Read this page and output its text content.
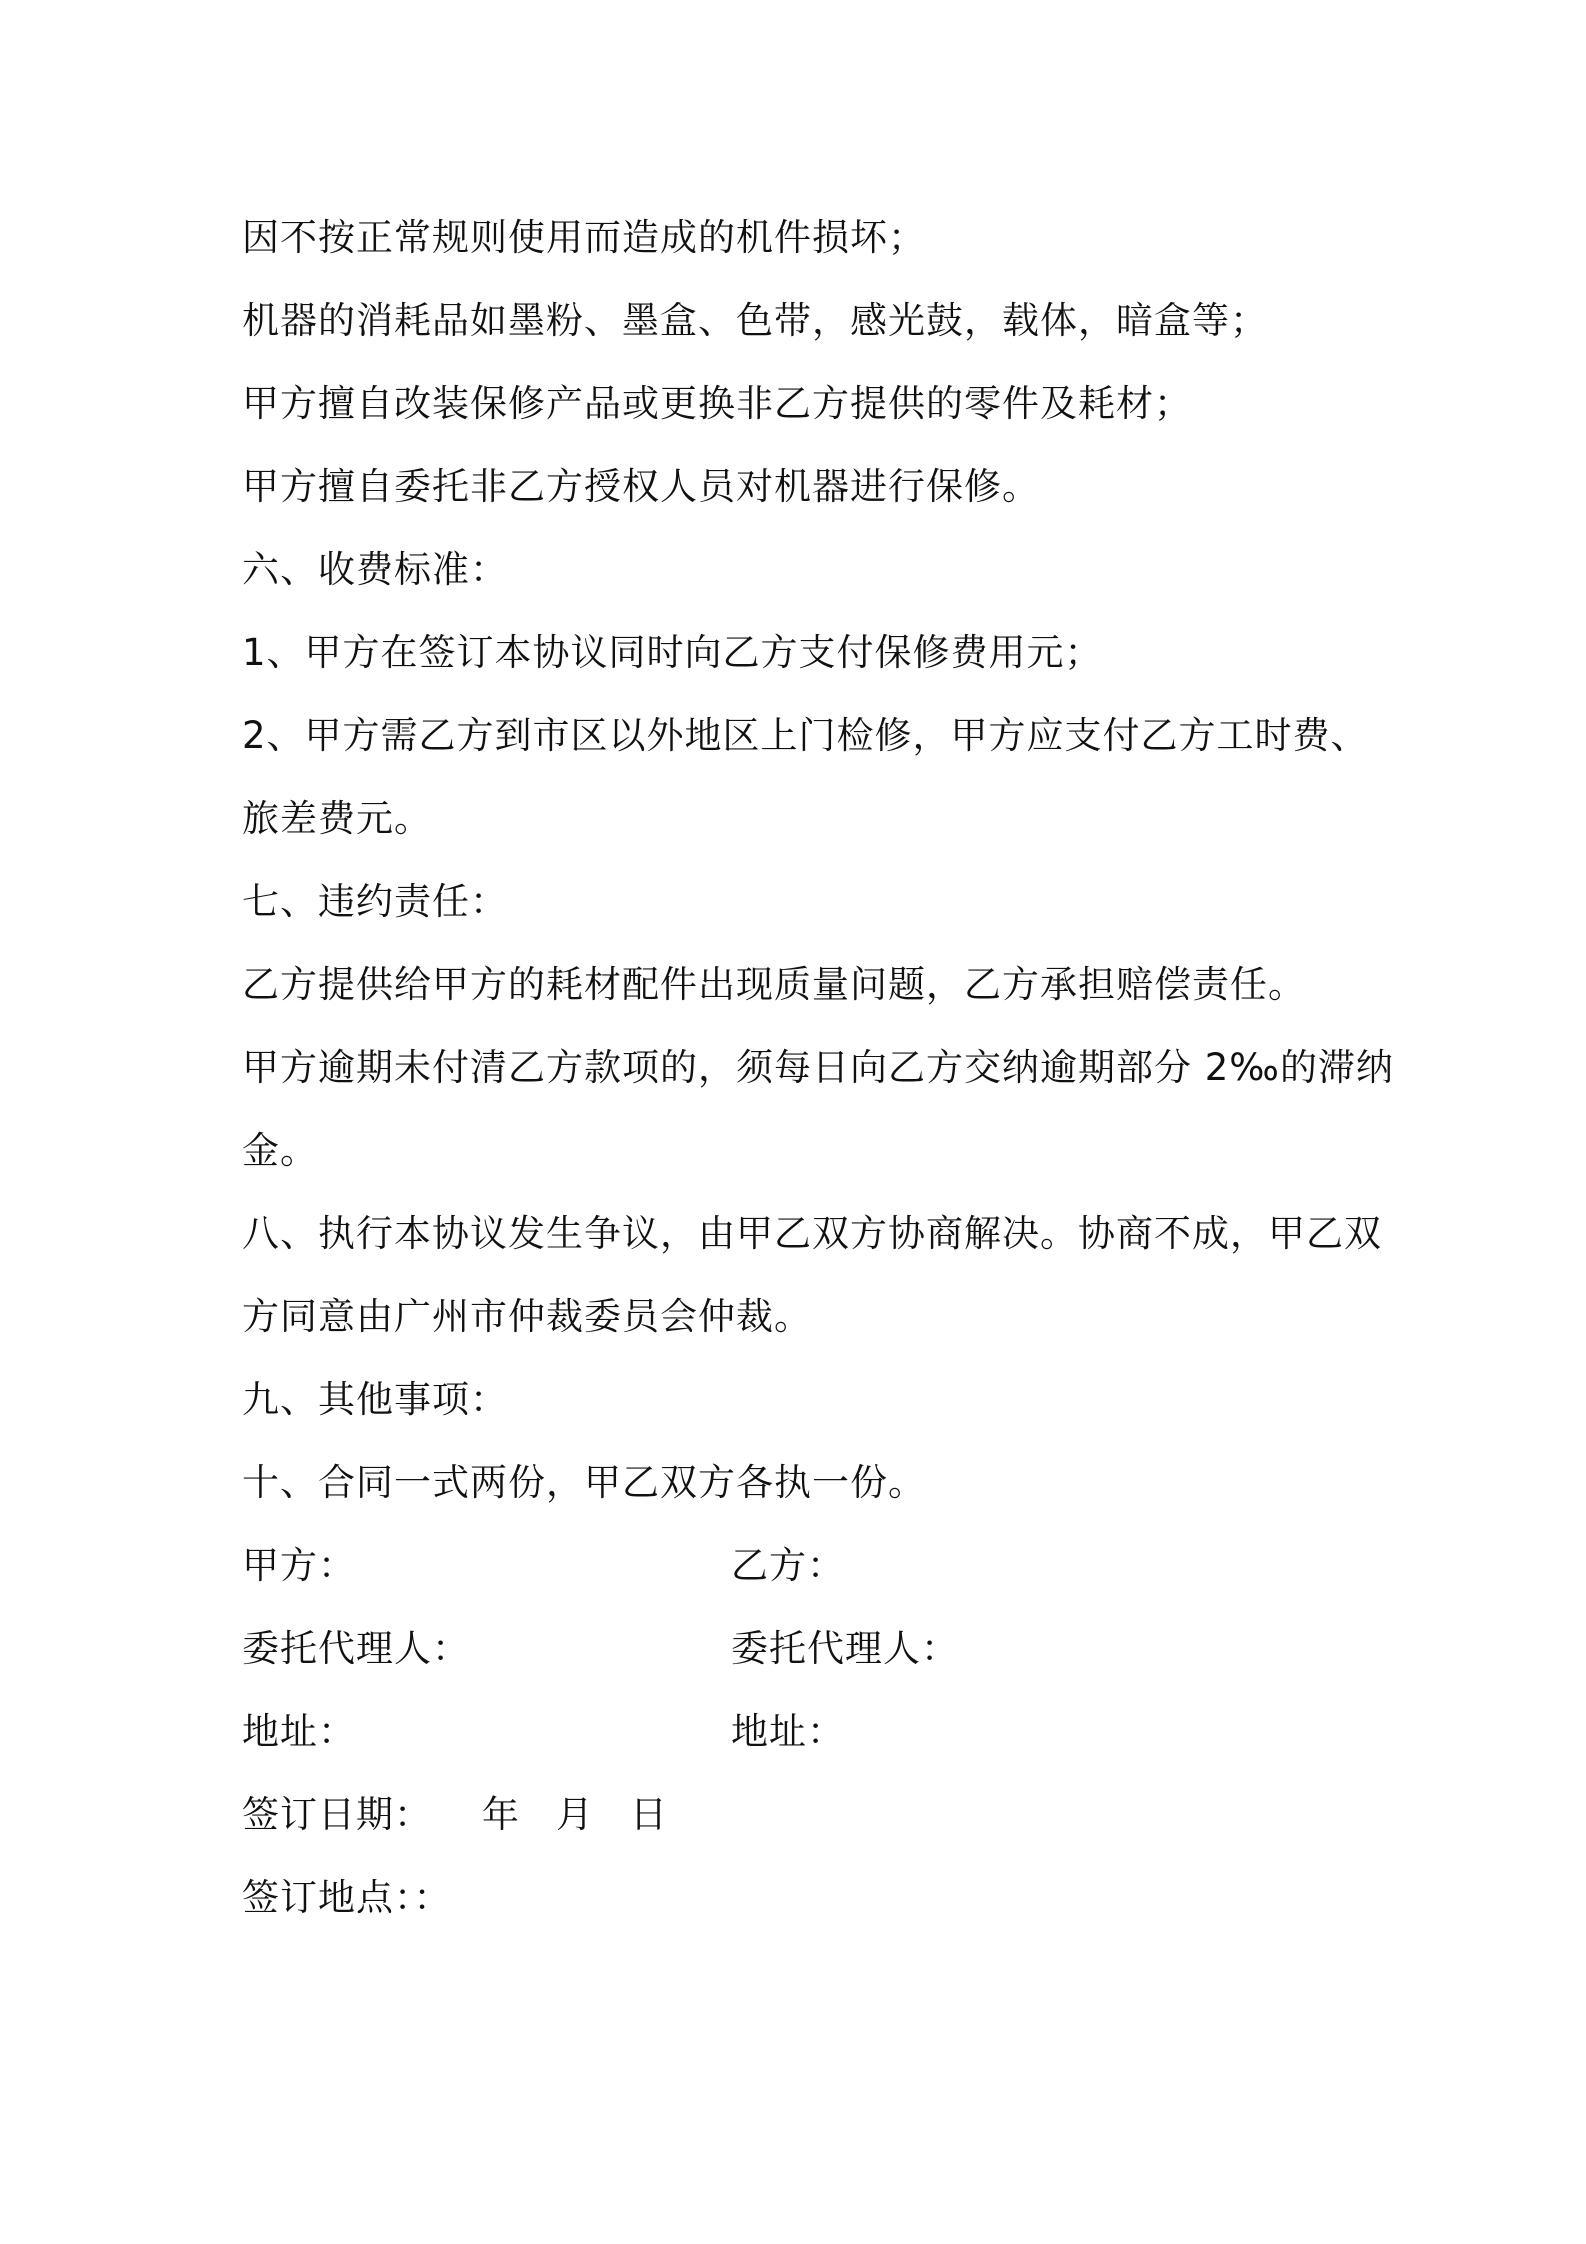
因不按正常规则使用而造成的机件损坏；
机器的消耗品如墨粉、墨盒、色带，感光鼓，载体，暗盒等；
甲方擅自改装保修产品或更换非乙方提供的零件及耗材；
甲方擅自委托非乙方授权人员对机器进行保修。
六、收费标准：
1、甲方在签订本协议同时向乙方支付保修费用元；
2、甲方需乙方到市区以外地区上门检修，甲方应支付乙方工时费、
旅差费元。
七、违约责任：
乙方提供给甲方的耗材配件出现质量问题，乙方承担赔偿责任。
甲方逾期未付清乙方款项的，须每日向乙方交纳逾期部分 2‰的滞纳
金。
八、执行本协议发生争议，由甲乙双方协商解决。协商不成，甲乙双
方同意由广州市仲裁委员会仲裁。
九、其他事项：
十、合同一式两份，甲乙双方各执一份。
甲方：	乙方：
委托代理人：	委托代理人：
地址：	地址：
签订日期： 年 月 日
签订地点：：
